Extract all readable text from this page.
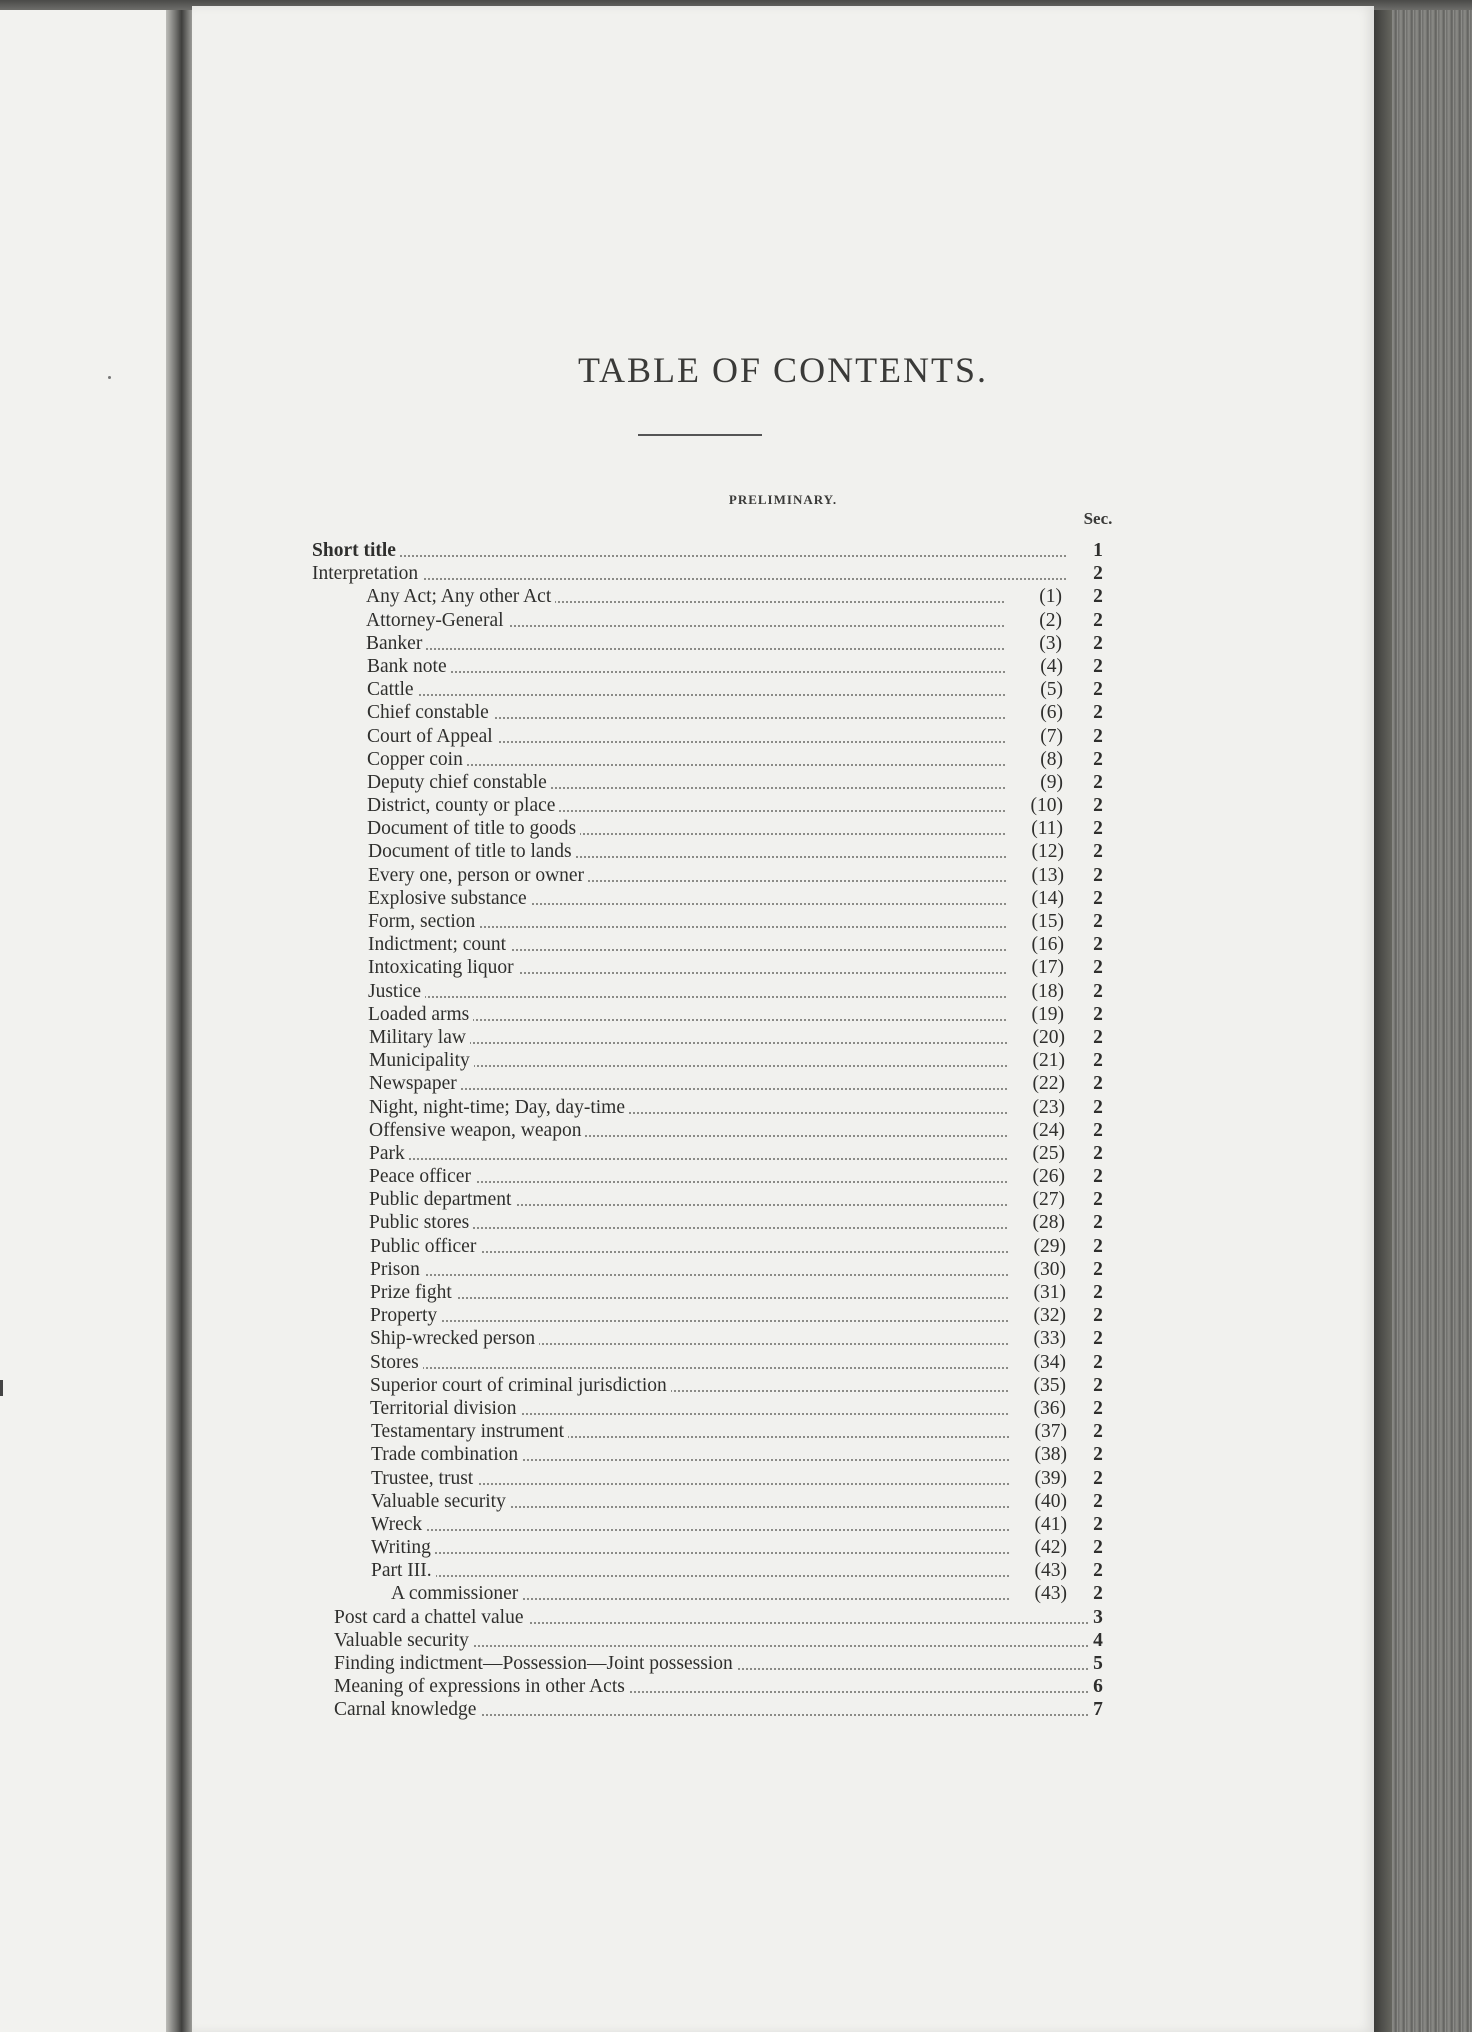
TABLE OF CONTENTS.
PRELIMINARY.
Sec.
Short title	1
Interpretation	2
Any Act; Any other Act	(1)	2
Attorney-General	(2)	2
Banker	(3)	2
Bank note	(4)	2
Cattle	(5)	2
Chief constable	(6)	2
Court of Appeal	(7)	2
Copper coin	(8)	2
Deputy chief constable	(9)	2
District, county or place	(10)	2
Document of title to goods	(11)	2
Document of title to lands	(12)	2
Every one, person or owner	(13)	2
Explosive substance	(14)	2
Form, section	(15)	2
Indictment; count	(16)	2
Intoxicating liquor	(17)	2
Justice	(18)	2
Loaded arms	(19)	2
Military law	(20)	2
Municipality	(21)	2
Newspaper	(22)	2
Night, night-time; Day, day-time	(23)	2
Offensive weapon, weapon	(24)	2
Park	(25)	2
Peace officer	(26)	2
Public department	(27)	2
Public stores	(28)	2
Public officer	(29)	2
Prison	(30)	2
Prize fight	(31)	2
Property	(32)	2
Ship-wrecked person	(33)	2
Stores	(34)	2
Superior court of criminal jurisdiction	(35)	2
Territorial division	(36)	2
Testamentary instrument	(37)	2
Trade combination	(38)	2
Trustee, trust	(39)	2
Valuable security	(40)	2
Wreck	(41)	2
Writing	(42)	2
Part III.	(43)	2
A commissioner	(43)	2
Post card a chattel value	3
Valuable security	4
Finding indictment—Possession—Joint possession	5
Meaning of expressions in other Acts	6
Carnal knowledge	7
